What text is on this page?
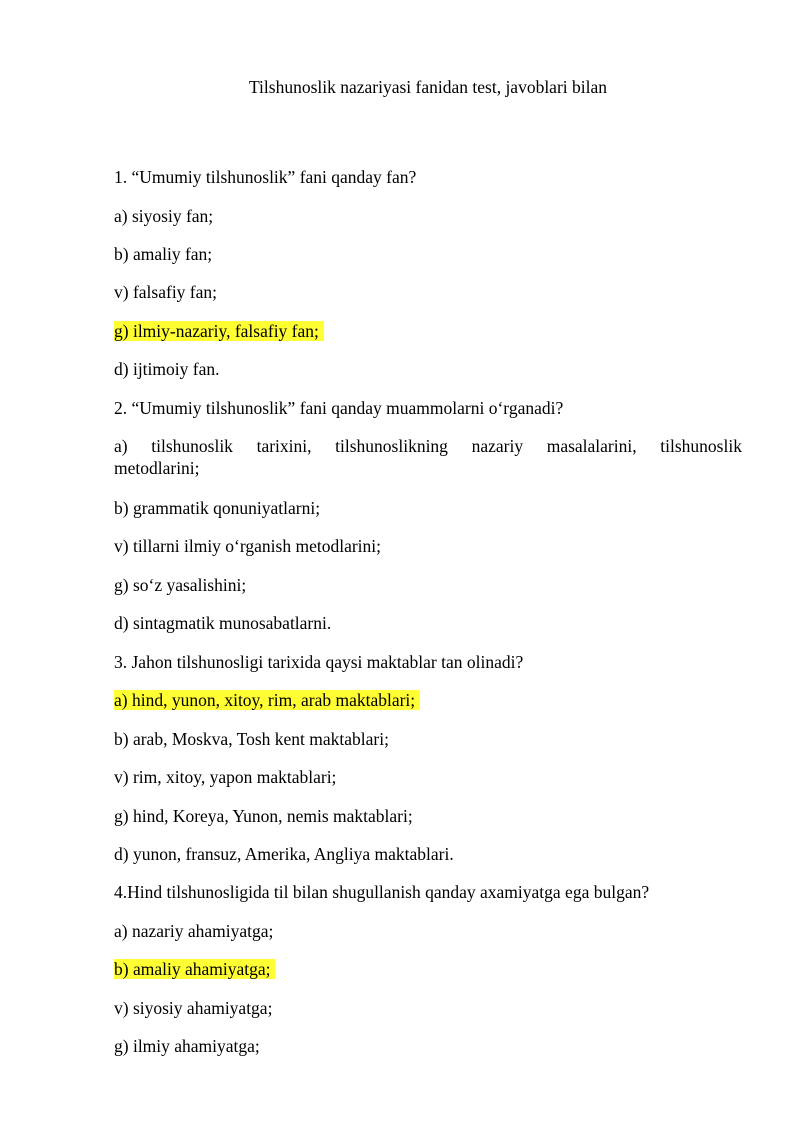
Tilshunoslik nazariyasi fanidan test, javoblari bilan
1. “Umumiy tilshunoslik” fani qanday fan?
a) siyosiy fan;
b) amaliy fan;
v) falsafiy fan;
g) ilmiy-nazariy, falsafiy fan;
d) ijtimoiy fan.
2. “Umumiy tilshunoslik” fani qanday muammolarni o‘rganadi?
a) tilshunoslik tarixini, tilshunoslikning nazariy masalalarini, tilshunoslik
metodlarini;
b) grammatik qonuniyatlarni;
v) tillarni ilmiy o‘rganish metodlarini;
g) so‘z yasalishini;
d) sintagmatik munosabatlarni.
3. Jahon tilshunosligi tarixida qaysi maktablar tan olinadi?
a) hind, yunon, xitoy, rim, arab maktablari;
b) arab, Moskva, Tosh kent maktablari;
v) rim, xitoy, yapon maktablari;
g) hind, Koreya, Yunon, nemis maktablari;
d) yunon, fransuz, Amerika, Angliya maktablari.
4.Hind tilshunosligida til bilan shugullanish qanday axamiyatga ega bulgan?
a) nazariy ahamiyatga;
b) amaliy ahamiyatga;
v) siyosiy ahamiyatga;
g) ilmiy ahamiyatga;
